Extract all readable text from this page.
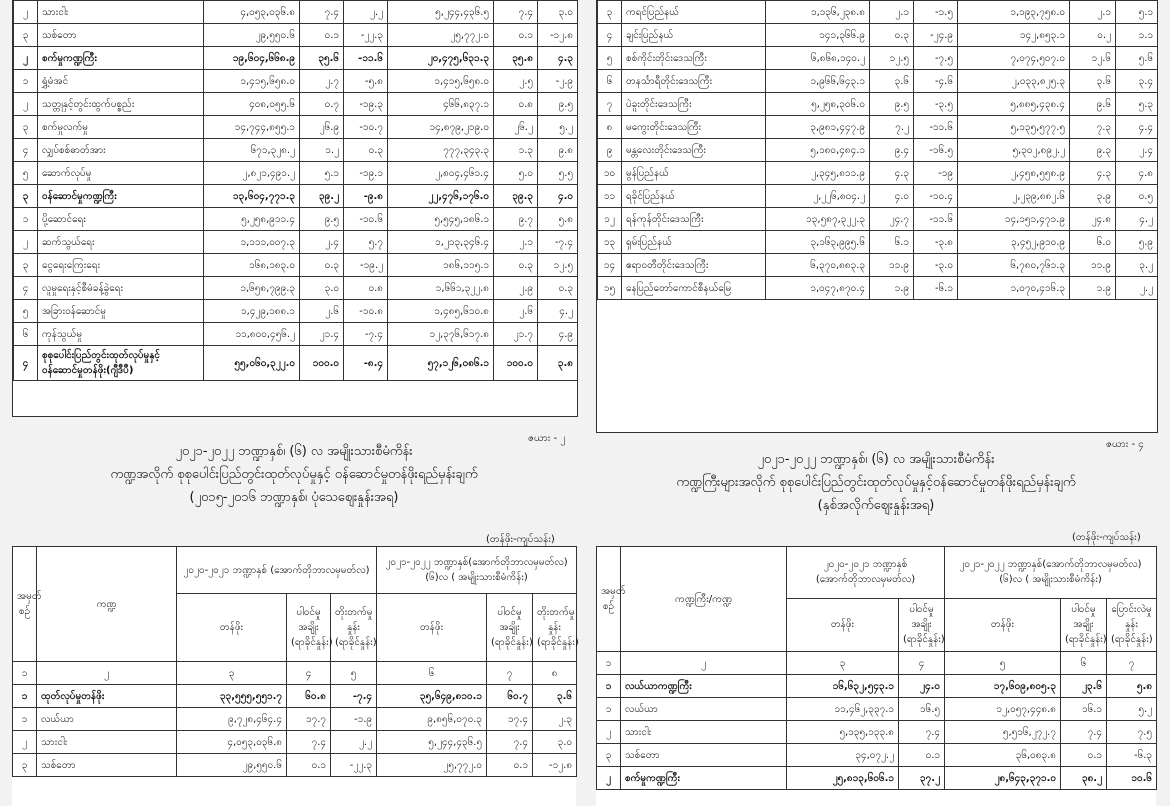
၂	သားငါး	၄,၀၅၃,၀၃၆.၈	၇.၄	၂.၂	၅,၂၄၄,၄၃၆.၅	၇.၄	၃.၀
၃	သစ်တော	၂၉,၅၅၀.၆	၀.၁	-၂၂.၃	၂၅,၇၇၂.၀	၀.၁	-၁၂.၈
၂	စက်မှုကဏ္ဍကြီး	၁၉,၆၀၄,၆၆၈.၉	၃၅.၆	-၁၁.၆	၂၀,၄၇၅,၆၃၁.၃	၃၅.၈	၄.၃
၁	ရွှံ့မံအင်	၁,၄၁၅,၆၅၈.၀	၂.၇	-၅.၈	၁,၄၁၅,၆၅၈.၀	၂.၅	-၂.၉
၂	သတ္တုနှင့်တွင်းထွက်ပစ္စည်း	၄၀၈,၀၅၅.၆	၀.၇	-၁၉.၃	၄၆၆,၈၃၇.၁	၀.၈	၉.၅
၃	စက်မှုလက်မှု	၁၄,၇၄၄,၈၅၅.၁	၂၆.၉	-၁၀.၇	၁၄,၈၇၉,၂၁၉.၀	၂၆.၂	၅.၂
၄	လျှပ်စစ်ဓာတ်အား	၆၇၁,၃၂၈.၂	၁.၂	၀.၃	၇၇၇,၃၄၃.၃	၁.၃	၉.၈
၅	ဆောက်လုပ်မှု	၂,၈၂၁,၄၉၁.၂	၅.၁	-၁၉.၁	၂,၈၀၄,၄၆၁.၄	၅.၀	၅.၅
၃	ဝန်ဆောင်မှုကဏ္ဍကြီး	၁၃,၆၀၄,၇၇၁.၃	၃၉.၂	-၉.၈	၂၂,၄၇၆,၁၇၆.၀	၃၉.၃	၄.၀
၁	ပို့ဆောင်ရေး	၅,၂၅၈,၉၁၁.၄	၉.၅	-၁၀.၆	၅,၅၄၅,၁၈၆.၁	၉.၇	၅.၈
၂	ဆက်သွယ်ရေး	၁,၁၁၁,၀၀၇.၃	၂.၄	၅.၇	၁,၂၁၃,၃၄၆.၄	၂.၁	-၇.၄
၃	ငွေရေးကြေးရေး	၁၆၈,၁၈၃.၀	၀.၃	-၁၉.၂	၁၈၆,၁၁၅.၁	၀.၃	၁၂.၅
၄	လူမှုရေးနှင့်စီမံခန့်ခွဲရေး	၁,၆၅၈,၇၉၉.၃	၃.၀	၀.၈	၁,၆၆၁,၃၂၂.၈	၂.၉	၀.၃
၅	အခြားဝန်ဆောင်မှု	၁,၄၂၉,၁၈၈.၁	၂.၆	-၁၀.၈	၁,၄၈၅,၆၁၀.၈	၂.၆	၄.၂
၆	ကုန်သွယ်မှု	၁၁,၈၀၀,၄၅၆.၂	၂၁.၄	-၇.၄	၁၂,၃၇၆,၆၁၇.၈	၂၁.၇	၄.၉
၄	စုစုပေါင်းပြည်တွင်းထုတ်လုပ်မှုနှင့်ဝန်ဆောင်မှုတန်ဖိုး(ဂျီဒီပီ)	၅၅,၀၆၀,၃၂၂.၀	၁၀၀.၀	-၈.၄	၅၇,၁၂၆,၀၈၆.၁	၁၀၀.၀	၃.၈
၃	ကရင်ပြည်နယ်	၁,၁၃၆,၂၃၈.၈	၂.၁	-၁.၅	၁,၁၉၃,၇၅၈.၀	၂.၁	၅.၁
၄	ချင်းပြည်နယ်	၁၄၁,၃၆၆.၉	၀.၃	-၂၄.၉	၁၄၂,၈၅၃.၁	၀.၂	၁.၁
၅	စစ်ကိုင်းတိုင်းဒေသကြီး	၆,၈၆၈,၁၄၀.၂	၁၂.၅	-၇.၅	၇,၀၇၄,၅၀၇.၀	၁၂.၆	၅.၆
၆	တနင်္သာရီတိုင်းဒေသကြီး	၁,၉၆၆,၆၄၃.၁	၃.၆	-၄.၆	၂,၀၃၃,၈၂၅.၃	၃.၆	၃.၄
၇	ပဲခူးတိုင်းဒေသကြီး	၅,၂၅၈,၃၀၆.၀	၉.၅	-၃.၅	၅,၈၈၅,၄၃၈.၄	၉.၆	၅.၃
၈	မကွေးတိုင်းဒေသကြီး	၃,၉၈၁,၄၄၇.၉	၇.၂	-၁၁.၆	၅,၁၃၅,၅၇၇.၅	၇.၃	၄.၄
၉	မန္တလေးတိုင်းဒေသကြီး	၅,၁၈၀,၄၈၄.၁	၉.၄	-၁၆.၅	၅,၃၀၂,၈၉၂.၂	၉.၃	၂.၄
၁၀	မွန်ပြည်နယ်	၂,၃၄၅,၈၁၁.၉	၄.၃	-၁၉	၂,၄၅၈,၅၅၈.၉	၄.၃	၄.၈
၁၁	ရခိုင်ပြည်နယ်	၂,၂၂၆,၈၀၄.၂	၄.၀	-၁၀.၄	၂,၂၃၉,၈၈၂.၆	၃.၉	၀.၅
၁၂	ရန်ကုန်တိုင်းဒေသကြီး	၁၃,၅၈၇,၃၂၂.၃	၂၄.၇	-၁၁.၆	၁၄,၁၅၁,၄၇၁.၉	၂၄.၈	၄.၂
၁၃	ရှမ်းပြည်နယ်	၃,၁၆၃,၉၉၅.၆	၆.၁	-၃.၈	၃,၄၅၂,၉၁၀.၉	၆.၀	၅.၉
၁၄	ဧရာဝတီတိုင်းဒေသကြီး	၆,၃၇၀,၈၈၃.၃	၁၁.၉	-၃.၀	၆,၇၈၀,၇၆၁.၃	၁၁.၉	၃.၂
၁၅	နေပြည်တော်ကောင်စီနယ်မြေ	၁,၀၄၇,၈၇၀.၄	၁.၉	-၆.၁	၁,၀၇၀,၄၁၆.၃	၁.၉	၂.၂
ဇယား - ၂
၂၀၂၁-၂၀၂၂ ဘဏ္ဍာနှစ်၊ (၆) လ အမျိုးသားစီမံကိန်း
ကဏ္ဍအလိုက် စုစုပေါင်းပြည်တွင်းထုတ်လုပ်မှုနှင့် ဝန်ဆောင်မှုတန်ဖိုးရည်မှန်းချက်
(၂၀၁၅-၂၀၁၆ ဘဏ္ဍာနှစ်၊ ပုံသေဈေးနှုန်းအရ)
(တန်ဖိုး-ကျပ်သန်း)
ဇယား - ၄
၂၀၂၁-၂၀၂၂ ဘဏ္ဍာနှစ်၊ (၆) လ အမျိုးသားစီမံကိန်း
ကဏ္ဍကြီးများအလိုက် စုစုပေါင်းပြည်တွင်းထုတ်လုပ်မှုနှင့်ဝန်ဆောင်မှုတန်ဖိုးရည်မှန်းချက်
(နှစ်အလိုက်ဈေးနှုန်းအရ)
(တန်ဖိုး-ကျပ်သန်း)
အမှတ်စဉ်	ကဏ္ဍ	၂၀၂၀-၂၀၂၁ ဘဏ္ဍာနှစ် (အောက်တိုဘာလမှမတ်လ)			၂၀၂၁-၂၀၂၂ ဘဏ္ဍာနှစ်(အောက်တိုဘာလမှမတ်လ) (၆)လ ( အမျိုးသားစီမံကိန်း)		
		တန်ဖိုး	ပါဝင်မှုအချိုး (ရာခိုင်နှုန်း)	တိုးတက်မှုနှုန်း (ရာခိုင်နှုန်း)	တန်ဖိုး	ပါဝင်မှုအချိုး (ရာခိုင်နှုန်း)	တိုးတက်မှုနှုန်း (ရာခိုင်နှုန်း)

၁	၂	၃	၄	၅	၆	၇	၈
၁	ထုတ်လုပ်မှုတန်ဖိုး	၃၃,၅၅၅,၅၅၁.၇	၆၀.၈	-၇.၄	၃၅,၆၄၉,၈၁၀.၁	၆၀.၇	၃.၆
၁	လယ်ယာ	၉,၇၂၈,၄၆၄.၄	၁၇.၇	-၁.၉	၉,၈၅၆,၀၇၀.၃	၁၇.၄	၂.၃
၂	သားငါး	၄,၀၅၃,၀၃၆.၈	၇.၄	၂.၂	၅,၂၄၄,၄၃၆.၅	၇.၄	၃.၀
၃	သစ်တော	၂၉,၅၅၀.၆	၀.၁	-၂၂.၃	၂၅,၇၇၂.၀	၀.၁	-၁၂.၈
အမှတ်စဉ်	ကဏ္ဍကြီး/ကဏ္ဍ	၂၀၂၀-၂၀၂၁ ဘဏ္ဍာနှစ် (အောက်တိုဘာလမှမတ်လ)		၂၀၂၁-၂၀၂၂ ဘဏ္ဍာနှစ်(အောက်တိုဘာလမှမတ်လ) (၆)လ ( အမျိုးသားစီမံကိန်း)		
		တန်ဖိုး	ပါဝင်မှုအချိုး (ရာခိုင်နှုန်း)	တန်ဖိုး	ပါဝင်မှုအချိုး (ရာခိုင်နှုန်း)	ပြောင်းလဲမှုနှုန်း (ရာခိုင်နှုန်း)
၁	၂	၃	၄	၅	၆	၇
၁	လယ်ယာကဏ္ဍကြီး	၁၆,၆၃၂,၅၄၃.၁	၂၄.၀	၁၇,၆၀၉,၈၀၅.၃	၂၃.၆	၅.၈
၁	လယ်ယာ	၁၁,၄၆၂,၃၃၇.၁	၁၆.၅	၁၂,၀၅၇,၄၄၈.၈	၁၆.၁	၅.၂
၂	သားငါး	၅,၁၃၅,၁၃၃.၈	၇.၄	၅,၅၁၆,၂၇၂.၇	၇.၄	၇.၅
၃	သစ်တော	၃၄,၀၇၂.၂	၀.၁	၃၆,၀၈၃.၈	၀.၁	-၆.၃
၂	စက်မှုကဏ္ဍကြီး	၂၅,၈၁၃,၆၀၆.၁	၃၇.၂	၂၈,၆၄၃,၃၇၁.၀	၃၈.၂	၁၀.၆
